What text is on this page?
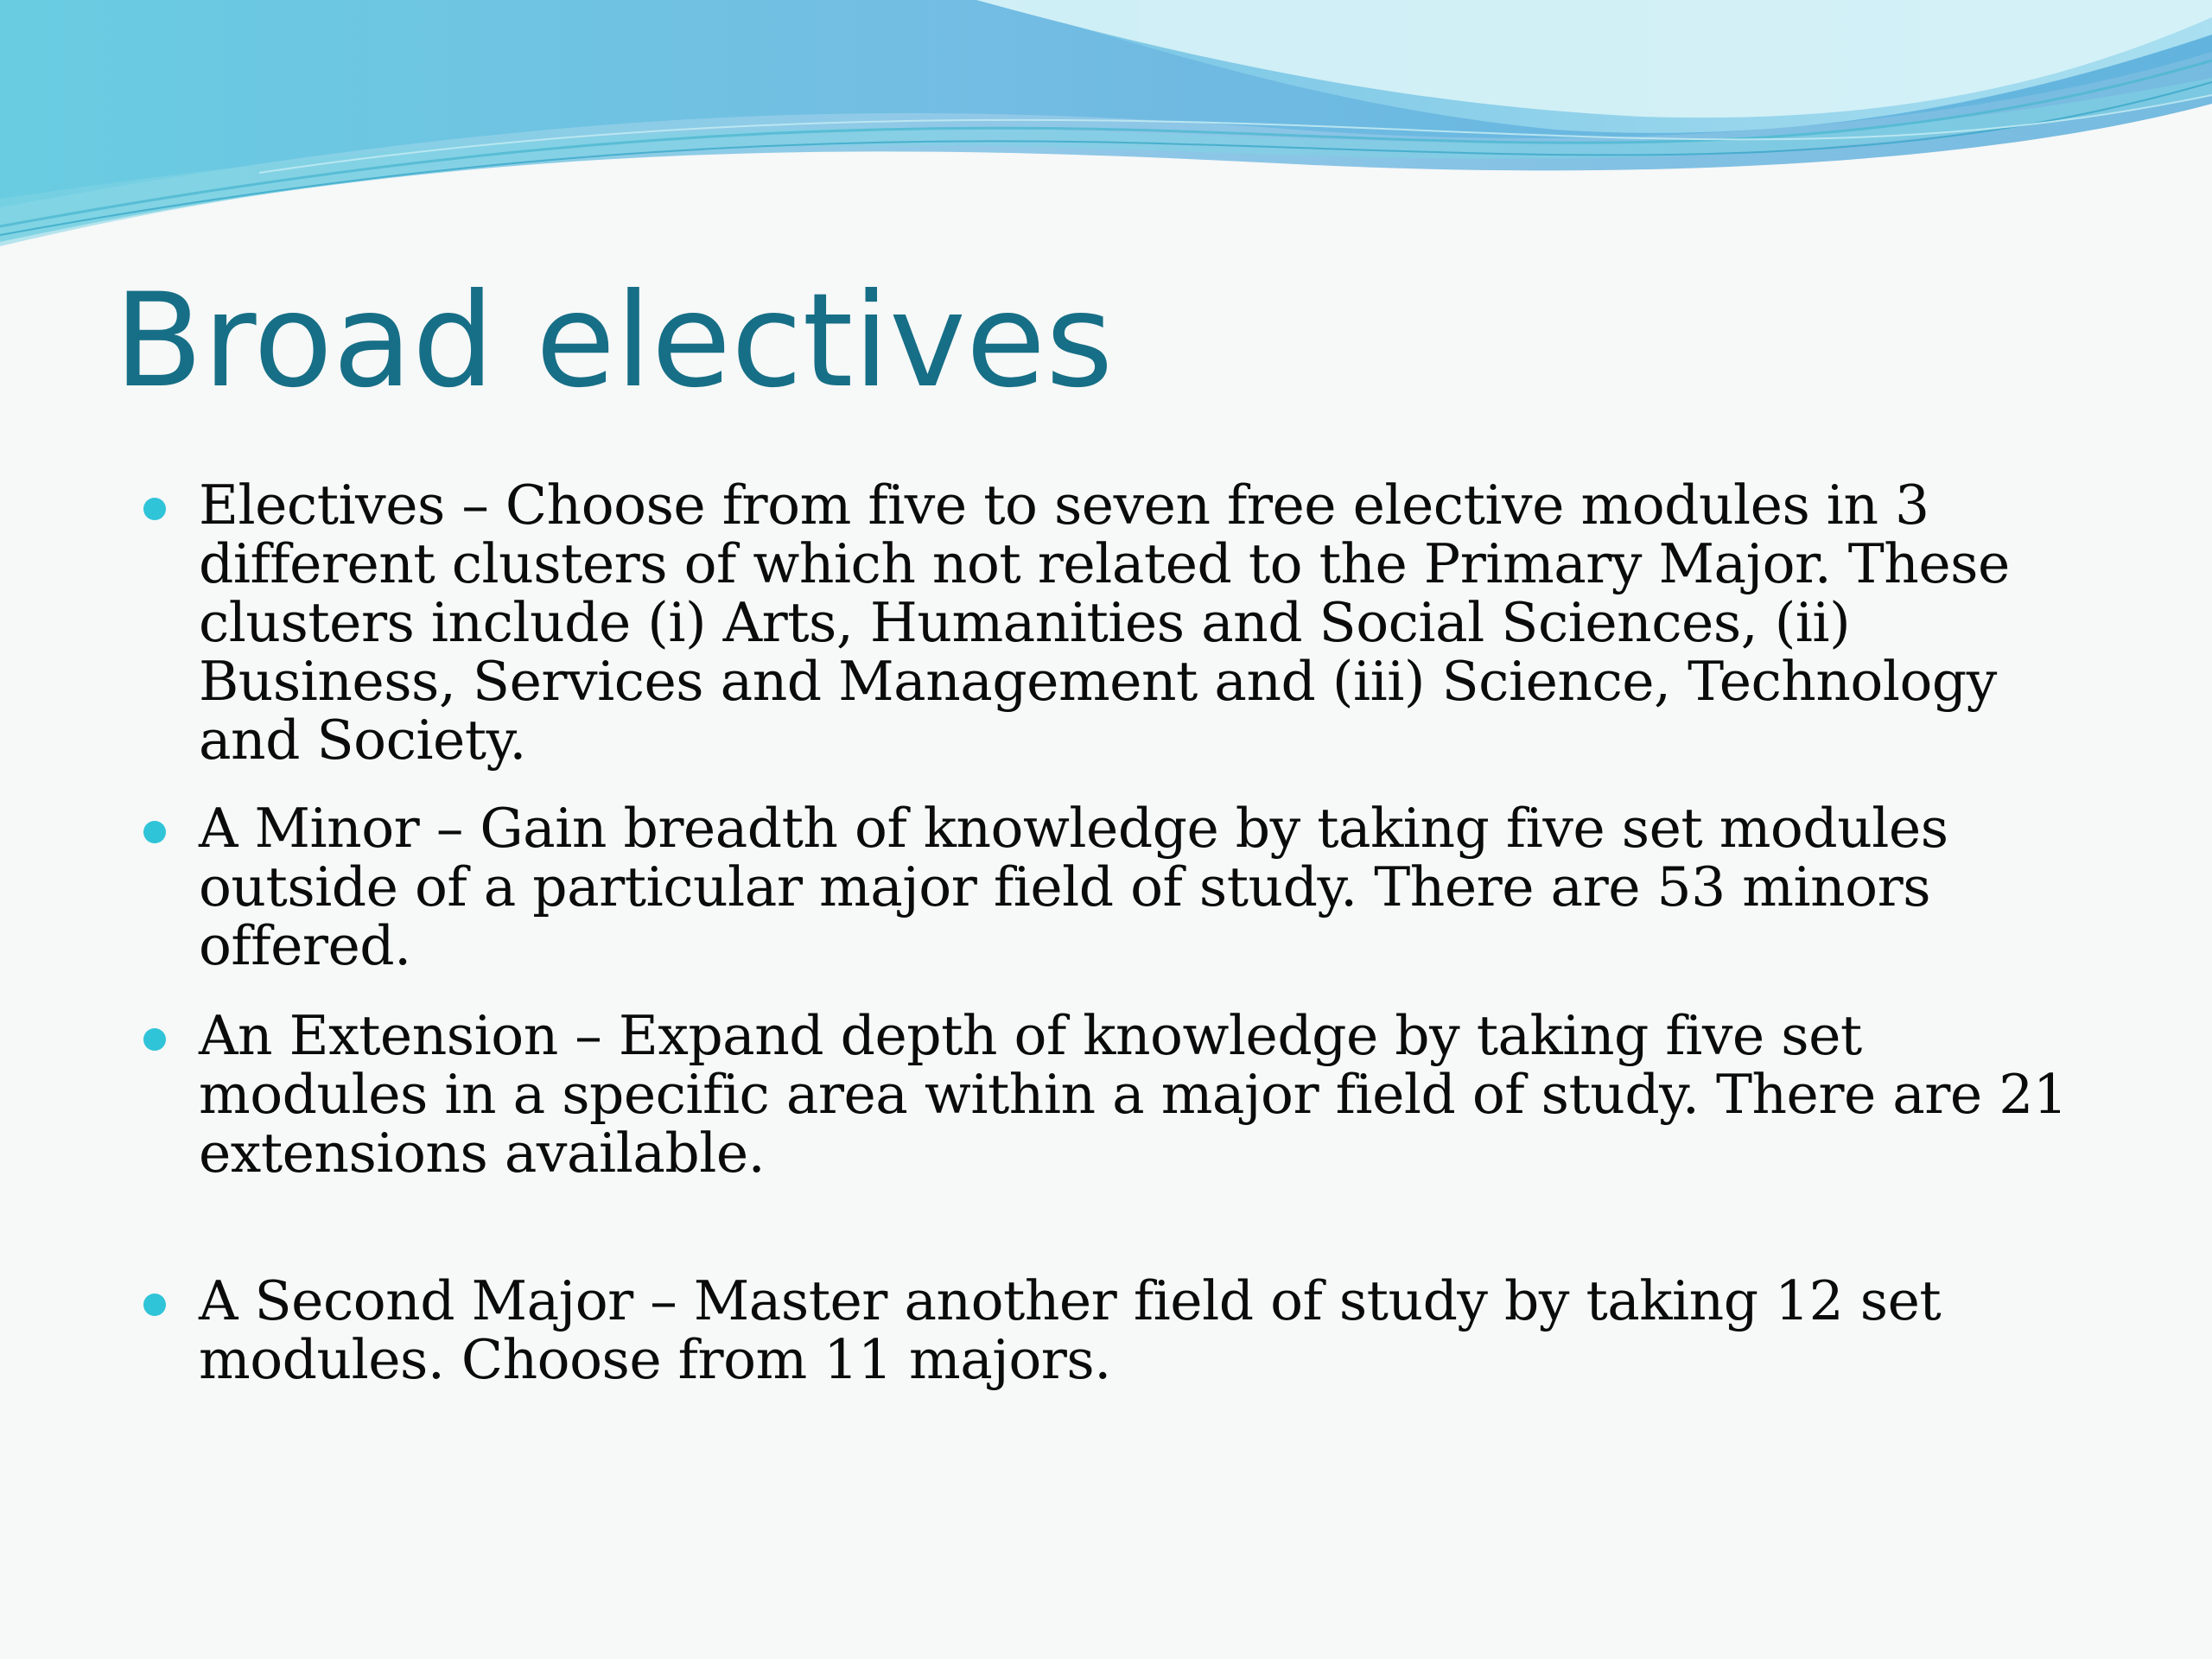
Broad electives
Electives – Choose from five to seven free elective modules in 3 different clusters of which not related to the Primary Major. These clusters include (i) Arts, Humanities and Social Sciences, (ii) Business, Services and Management and (iii) Science, Technology and Society.
A Minor – Gain breadth of knowledge by taking five set modules outside of a particular major field of study. There are 53 minors offered.
An Extension – Expand depth of knowledge by taking five set modules in a specific area within a major field of study. There are 21 extensions available.
A Second Major – Master another field of study by taking 12 set modules. Choose from 11 majors.
